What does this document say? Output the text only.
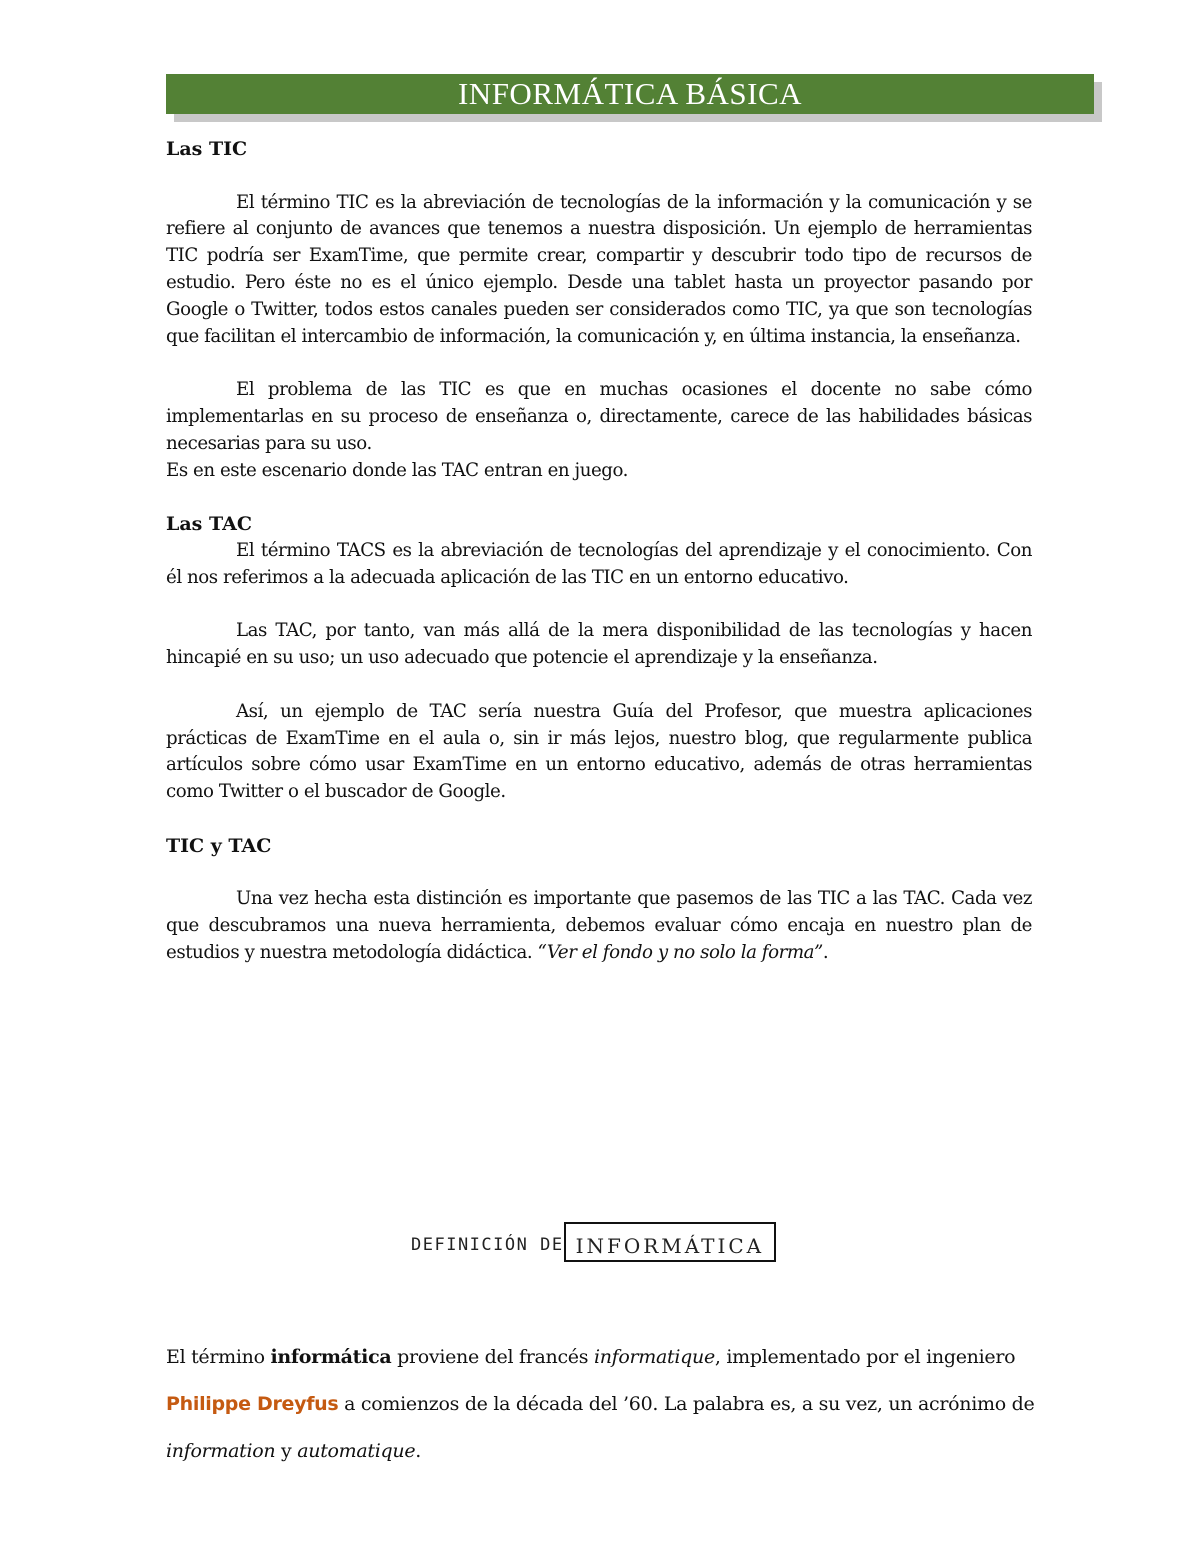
INFORMÁTICA BÁSICA
Las TIC

El término TIC es la abreviación de tecnologías de la información y la comunicación y se refiere al conjunto de avances que tenemos a nuestra disposición. Un ejemplo de herramientas TIC podría ser ExamTime, que permite crear, compartir y descubrir todo tipo de recursos de estudio. Pero éste no es el único ejemplo. Desde una tablet hasta un proyector pasando por Google o Twitter, todos estos canales pueden ser considerados como TIC, ya que son tecnologías que facilitan el intercambio de información, la comunicación y, en última instancia, la enseñanza.

El problema de las TIC es que en muchas ocasiones el docente no sabe cómo implementarlas en su proceso de enseñanza o, directamente, carece de las habilidades básicas necesarias para su uso.

Es en este escenario donde las TAC entran en juego.

Las TAC

El término TACS es la abreviación de tecnologías del aprendizaje y el conocimiento. Con él nos referimos a la adecuada aplicación de las TIC en un entorno educativo.

Las TAC, por tanto, van más allá de la mera disponibilidad de las tecnologías y hacen hincapié en su uso; un uso adecuado que potencie el aprendizaje y la enseñanza.

Así, un ejemplo de TAC sería nuestra Guía del Profesor, que muestra aplicaciones prácticas de ExamTime en el aula o, sin ir más lejos, nuestro blog, que regularmente publica artículos sobre cómo usar ExamTime en un entorno educativo, además de otras herramientas como Twitter o el buscador de Google.

TIC y TAC

Una vez hecha esta distinción es importante que pasemos de las TIC a las TAC. Cada vez que descubramos una nueva herramienta, debemos evaluar cómo encaja en nuestro plan de estudios y nuestra metodología didáctica. “Ver el fondo y no solo la forma”.

DEFINICIÓN DE INFORMÁTICA

El término informática proviene del francés informatique, implementado por el ingeniero Philippe Dreyfus a comienzos de la década del ’60. La palabra es, a su vez, un acrónimo de information y automatique.
